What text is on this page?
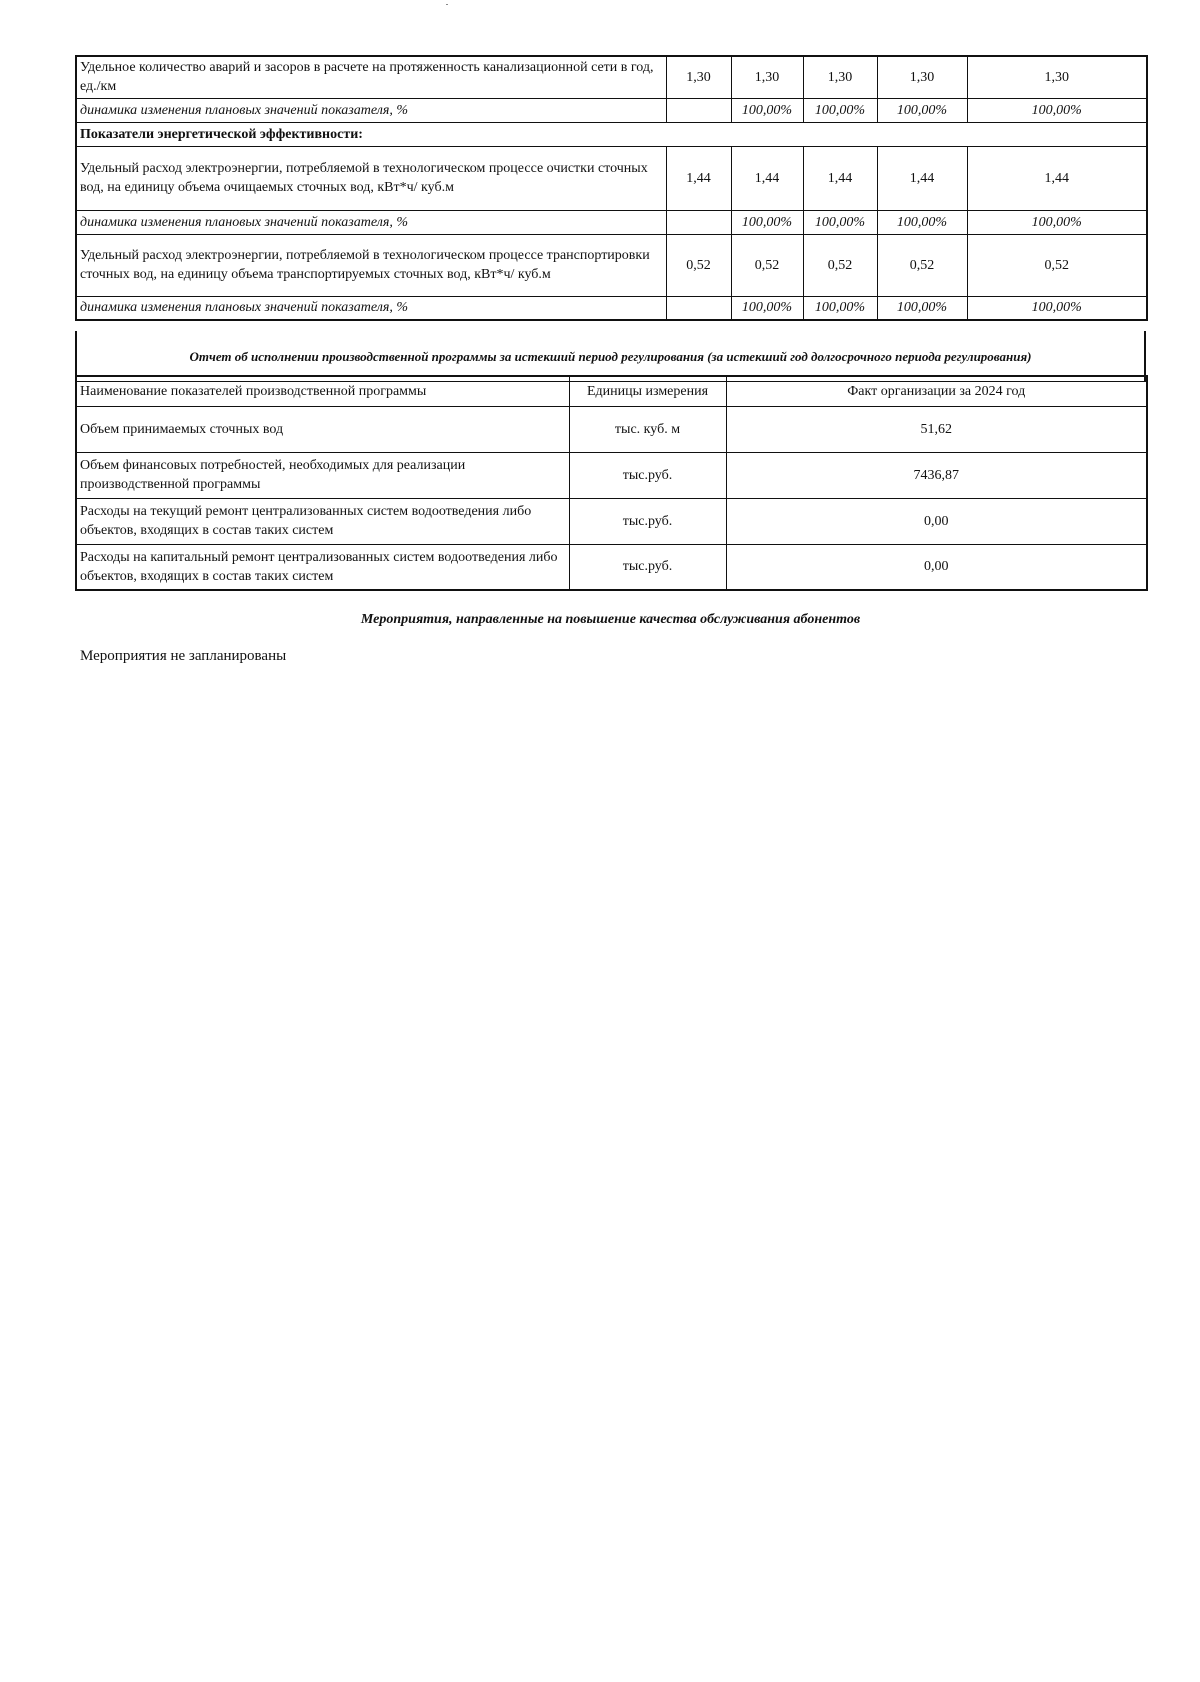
Удельное количество аварий и засоров в расчете на протяженность канализационной сети в год, ед./км	1,30	1,30	1,30	1,30	1,30
динамика изменения плановых значений показателя, %		100,00%	100,00%	100,00%	100,00%
Показатели энергетической эффективности:					
Удельный расход электроэнергии, потребляемой в технологическом процессе очистки сточных вод, на единицу объема очищаемых сточных вод, кВт*ч/ куб.м	1,44	1,44	1,44	1,44	1,44
динамика изменения плановых значений показателя, %		100,00%	100,00%	100,00%	100,00%
Удельный расход электроэнергии, потребляемой в технологическом процессе транспортировки сточных вод, на единицу объема транспортируемых сточных вод, кВт*ч/ куб.м	0,52	0,52	0,52	0,52	0,52
динамика изменения плановых значений показателя, %		100,00%	100,00%	100,00%	100,00%
Отчет об исполнении производственной программы за истекший период регулирования (за истекший год долгосрочного периода регулирования)
Наименование показателей производственной программы	Единицы измерения	Факт организации за 2024 год
Объем принимаемых сточных вод	тыс. куб. м	51,62
Объем финансовых потребностей, необходимых для реализации производственной программы	тыс.руб.	7436,87
Расходы на текущий ремонт централизованных систем водоотведения либо объектов, входящих в состав таких систем	тыс.руб.	0,00
Расходы на капитальный ремонт централизованных систем водоотведения либо объектов, входящих в состав таких систем	тыс.руб.	0,00
Мероприятия, направленные на повышение качества обслуживания абонентов
Мероприятия не запланированы
